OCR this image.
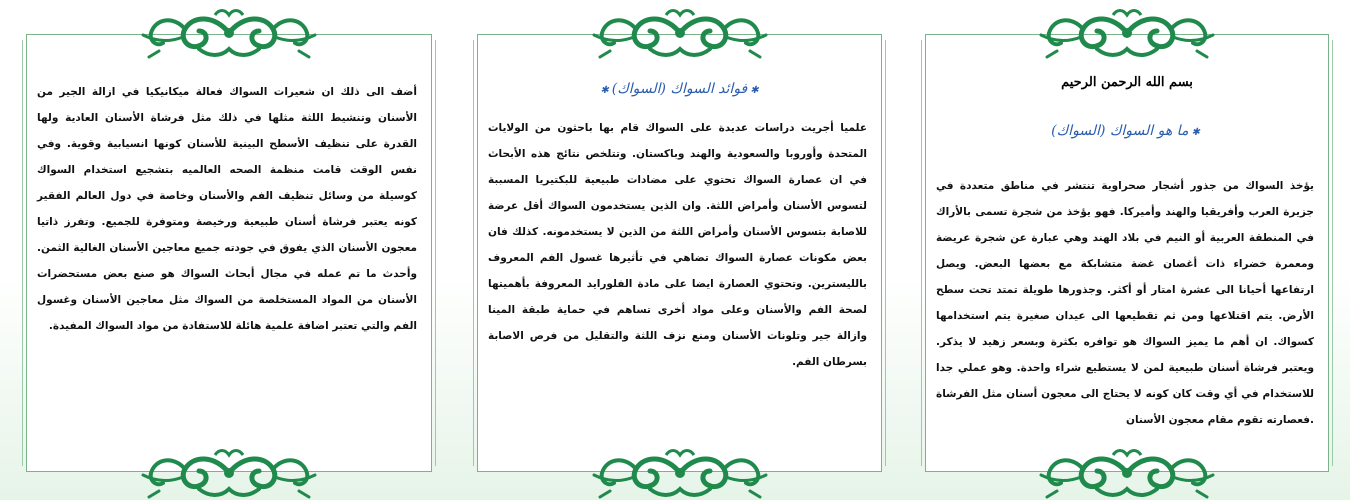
بسم الله الرحمن الرحيم
✱ما هو السواك (السواك)
يؤخذ السواك من جذور أشجار صحراوية تنتشر في مناطق متعددة في جزيرة العرب وأفريقيا والهند وأميركا. فهو يؤخذ من شجرة تسمى بالأراك في المنطقة العربية أو النيم في بلاد الهند وهي عبارة عن شجرة عريضة ومعمرة خضراء ذات أغصان غضة متشابكة مع بعضها البعض. ويصل ارتفاعها أحيانا الى عشرة امتار أو أكثر. وجذورها طويلة تمتد تحت سطح الأرض. يتم اقتلاعها ومن ثم تقطيعها الى عيدان صغيرة يتم استخدامها كسواك. ان أهم ما يميز السواك هو توافره بكثرة وبسعر زهيد لا يذكر. ويعتبر فرشاة أسنان طبيعية لمن لا يستطيع شراء واحدة. وهو عملي جدا للاستخدام في أي وقت كان كونه لا يحتاج الى معجون أسنان مثل الفرشاة .فعصارته تقوم مقام معجون الأسنان
✱فوائد السواك (السواك)✱
علميا أجريت دراسات عديدة على السواك قام بها باحثون من الولايات المتحدة وأوروبا والسعودية والهند وباكستان. وتتلخص نتائج هذه الأبحاث في ان عصارة السواك تحتوي على مضادات طبيعية للبكتيريا المسببة لتسوس الأسنان وأمراض اللثة. وان الذين يستخدمون السواك أقل عرضة للاصابة بتسوس الأسنان وأمراض اللثة من الذين لا يستخدمونه. كذلك فان بعض مكونات عصارة السواك تضاهي في تأثيرها غسول الفم المعروف بالليسترين. وتحتوي العصارة ايضا على مادة الفلورايد المعروفة بأهميتها لصحة الفم والأسنان وعلى مواد أخرى تساهم في حماية طبقة المينا وازالة جير وتلونات الأسنان ومنع نزف اللثة والتقليل من فرص الاصابة بسرطان الفم.
أضف الى ذلك ان شعيرات السواك فعالة ميكانيكيا في ازالة الجير من الأسنان وتنشيط اللثة مثلها في ذلك مثل فرشاة الأسنان العادية ولها القدرة على تنظيف الأسطح البينية للأسنان كونها انسيابية وقوية. وفي نفس الوقت قامت منظمة الصحه العالميه بتشجيع استخدام السواك كوسيلة من وسائل تنظيف الفم والأسنان وخاصة في دول العالم الفقير كونه يعتبر فرشاة أسنان طبيعية ورخيصة ومتوفرة للجميع. وتفرز ذاتيا معجون الأسنان الذي يفوق في جودته جميع معاجين الأسنان الغالية الثمن. وأحدث ما تم عمله في مجال أبحاث السواك هو صنع بعض مستحضرات الأسنان من المواد المستخلصة من السواك مثل معاجين الأسنان وغسول الفم والتي تعتبر اضافة علمية هائلة للاستفادة من مواد السواك المفيدة.
